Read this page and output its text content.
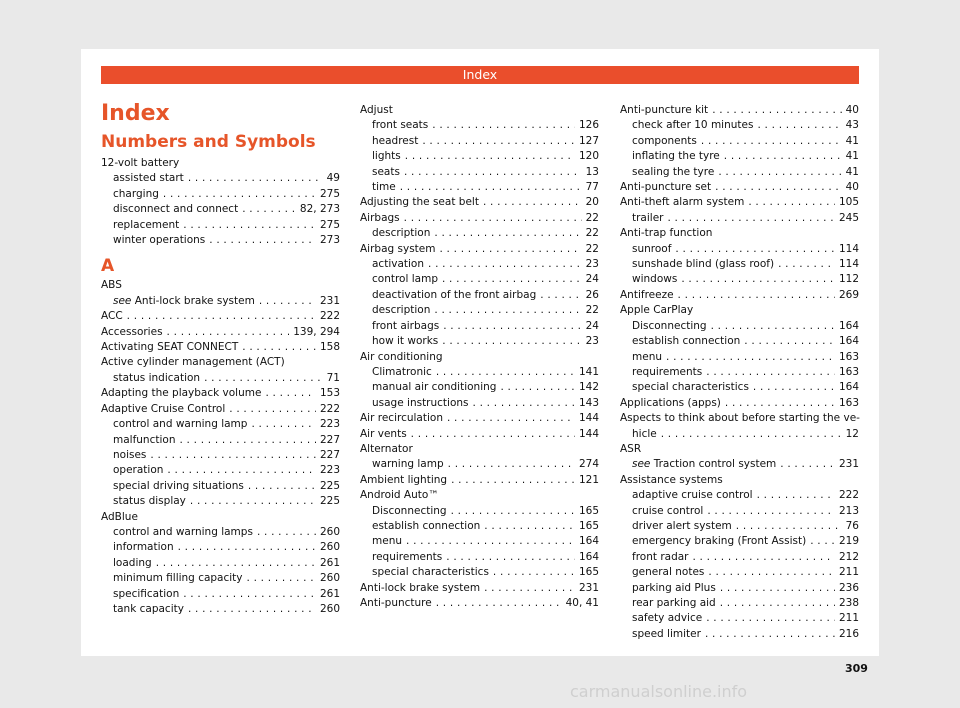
Index
Index
Numbers and Symbols
12-volt battery
assisted start . . .	49
charging . . .	275
disconnect and connect . . .	82, 273
replacement . . .	275
winter operations . . .	273
A
ABS
see Anti-lock brake system . . .	231
ACC . . .	222
Accessories . . .	139, 294
Activating SEAT CONNECT . . .	158
Active cylinder management (ACT)
status indication . . .	71
Adapting the playback volume . . .	153
Adaptive Cruise Control . . .	222
control and warning lamp . . .	223
malfunction . . .	227
noises . . .	227
operation . . .	223
special driving situations . . .	225
status display . . .	225
AdBlue
control and warning lamps . . .	260
information . . .	260
loading . . .	261
minimum filling capacity . . .	260
specification . . .	261
tank capacity . . .	260
Adjust
front seats . . .	126
headrest . . .	127
lights . . .	120
seats . . .	13
time . . .	77
Adjusting the seat belt . . .	20
Airbags . . .	22
description . . .	22
Airbag system . . .	22
activation . . .	23
control lamp . . .	24
deactivation of the front airbag . . .	26
description . . .	22
front airbags . . .	24
how it works . . .	23
Air conditioning
Climatronic . . .	141
manual air conditioning . . .	142
usage instructions . . .	143
Air recirculation . . .	144
Air vents . . .	144
Alternator
warning lamp . . .	274
Ambient lighting . . .	121
Android Auto™
Disconnecting . . .	165
establish connection . . .	165
menu . . .	164
requirements . . .	164
special characteristics . . .	165
Anti-lock brake system . . .	231
Anti-puncture . . .	40, 41
Anti-puncture kit . . .	40
check after 10 minutes . . .	43
components . . .	41
inflating the tyre . . .	41
sealing the tyre . . .	41
Anti-puncture set . . .	40
Anti-theft alarm system . . .	105
trailer . . .	245
Anti-trap function
sunroof . . .	114
sunshade blind (glass roof) . . .	114
windows . . .	112
Antifreeze . . .	269
Apple CarPlay
Disconnecting . . .	164
establish connection . . .	164
menu . . .	163
requirements . . .	163
special characteristics . . .	164
Applications (apps) . . .	163
Aspects to think about before starting the ve-
hicle . . .	12
ASR
see Traction control system . . .	231
Assistance systems
adaptive cruise control . . .	222
cruise control . . .	213
driver alert system . . .	76
emergency braking (Front Assist) . . .	219
front radar . . .	212
general notes . . .	211
parking aid Plus . . .	236
rear parking aid . . .	238
safety advice . . .	211
speed limiter . . .	216
309
carmanualsonline.info
